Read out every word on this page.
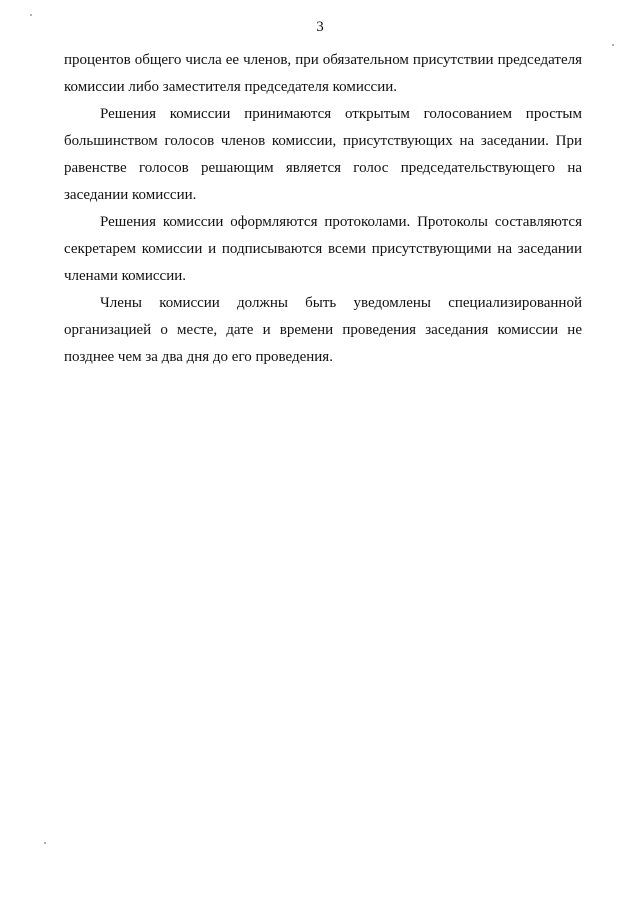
3

процентов общего числа ее членов, при обязательном присутствии председателя комиссии либо заместителя председателя комиссии.

Решения комиссии принимаются открытым голосованием простым большинством голосов членов комиссии, присутствующих на заседании. При равенстве голосов решающим является голос председательствующего на заседании комиссии.

Решения комиссии оформляются протоколами. Протоколы составляются секретарем комиссии и подписываются всеми присутствующими на заседании членами комиссии.

Члены комиссии должны быть уведомлены специализированной организацией о месте, дате и времени проведения заседания комиссии не позднее чем за два дня до его проведения.
